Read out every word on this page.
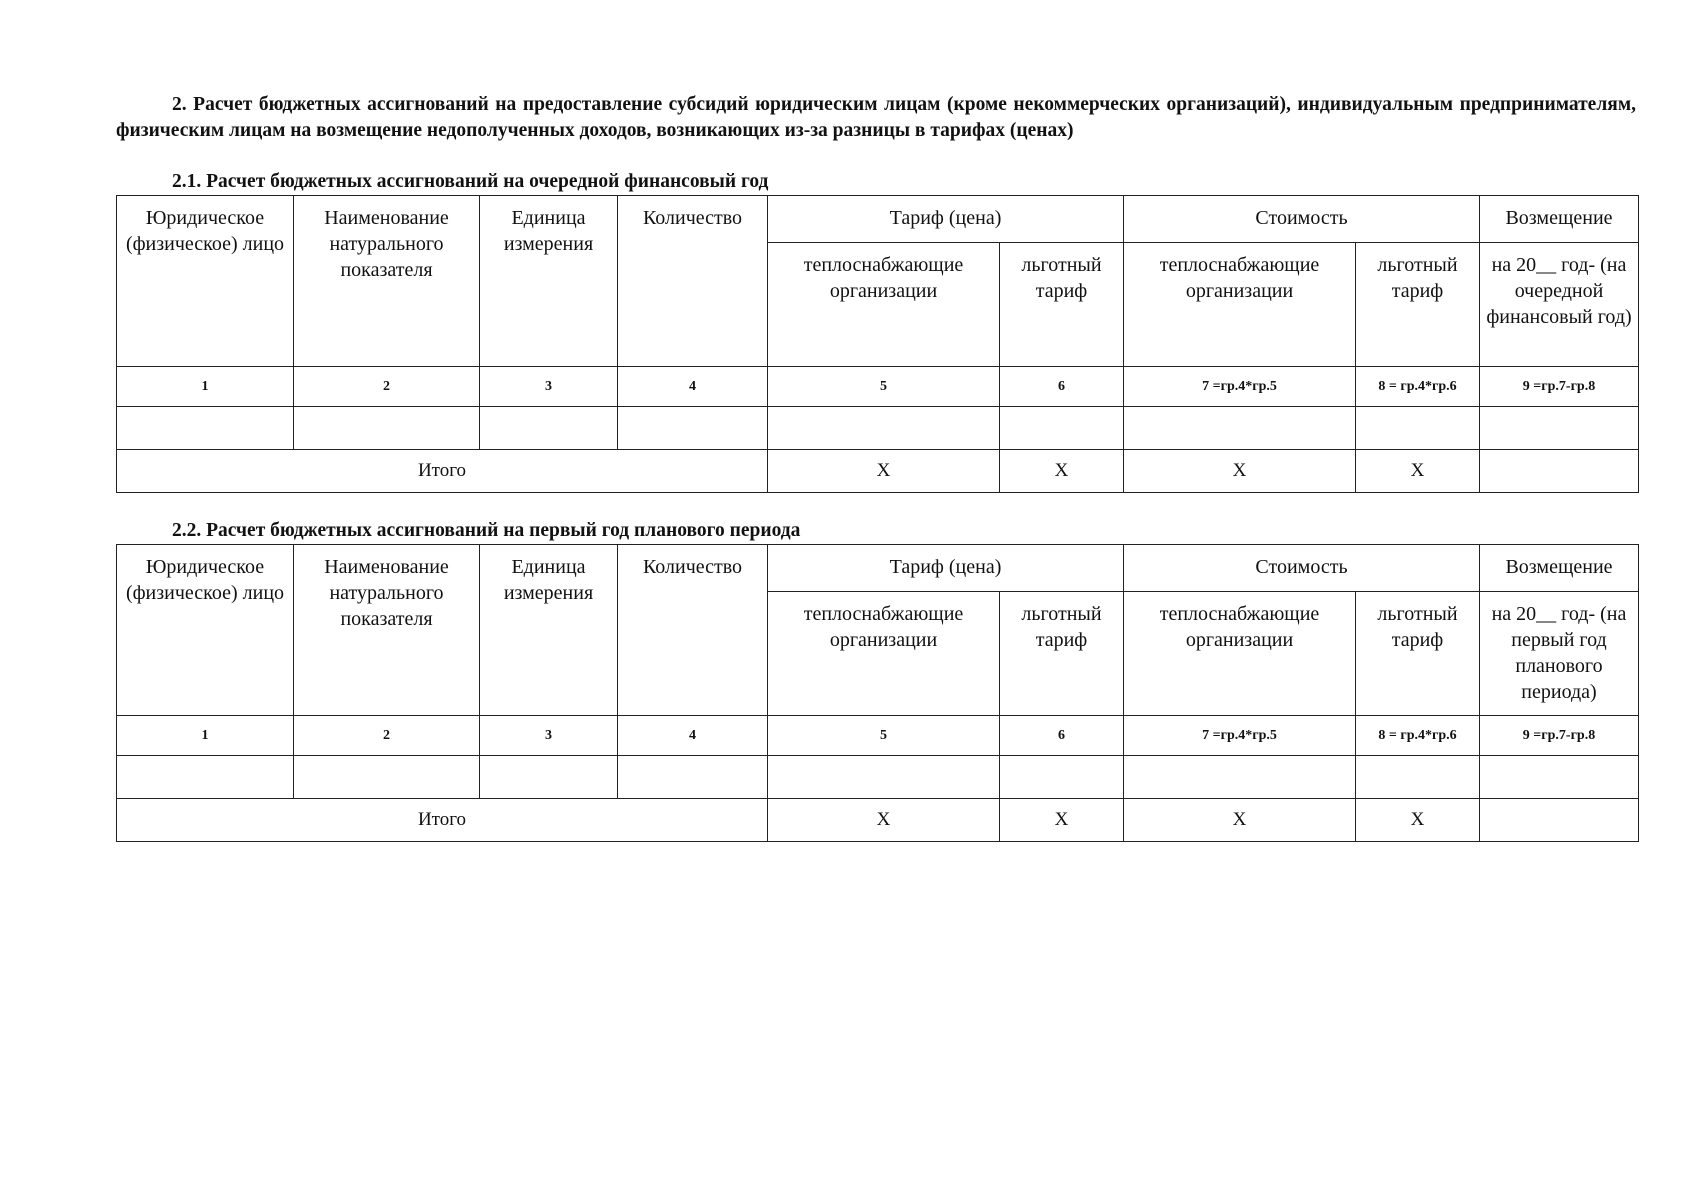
2. Расчет бюджетных ассигнований на предоставление субсидий юридическим лицам (кроме некоммерческих организаций), индивидуальным предпринимателям, физическим лицам на возмещение недополученных доходов, возникающих из-за разницы в тарифах (ценах)
2.1. Расчет бюджетных ассигнований на очередной финансовый год
Юридическое (физическое) лицо	Наименование натурального показателя	Единица измерения	Количество	Тариф (цена)		Стоимость		Возмещение
				теплоснабжающие организации	льготный тариф	теплоснабжающие организации	льготный тариф	на 20__ год- (на очередной финансовый год)
1	2	3	4	5	6	7 =гр.4*гр.5	8 = гр.4*гр.6	9 =гр.7-гр.8

Итого				Х	Х	Х	Х	
2.2. Расчет бюджетных ассигнований на первый год планового периода
Юридическое (физическое) лицо	Наименование натурального показателя	Единица измерения	Количество	Тариф (цена)		Стоимость		Возмещение
				теплоснабжающие организации	льготный тариф	теплоснабжающие организации	льготный тариф	на 20__ год- (на первый год планового периода)
1	2	3	4	5	6	7 =гр.4*гр.5	8 = гр.4*гр.6	9 =гр.7-гр.8

Итого				Х	Х	Х	Х	
